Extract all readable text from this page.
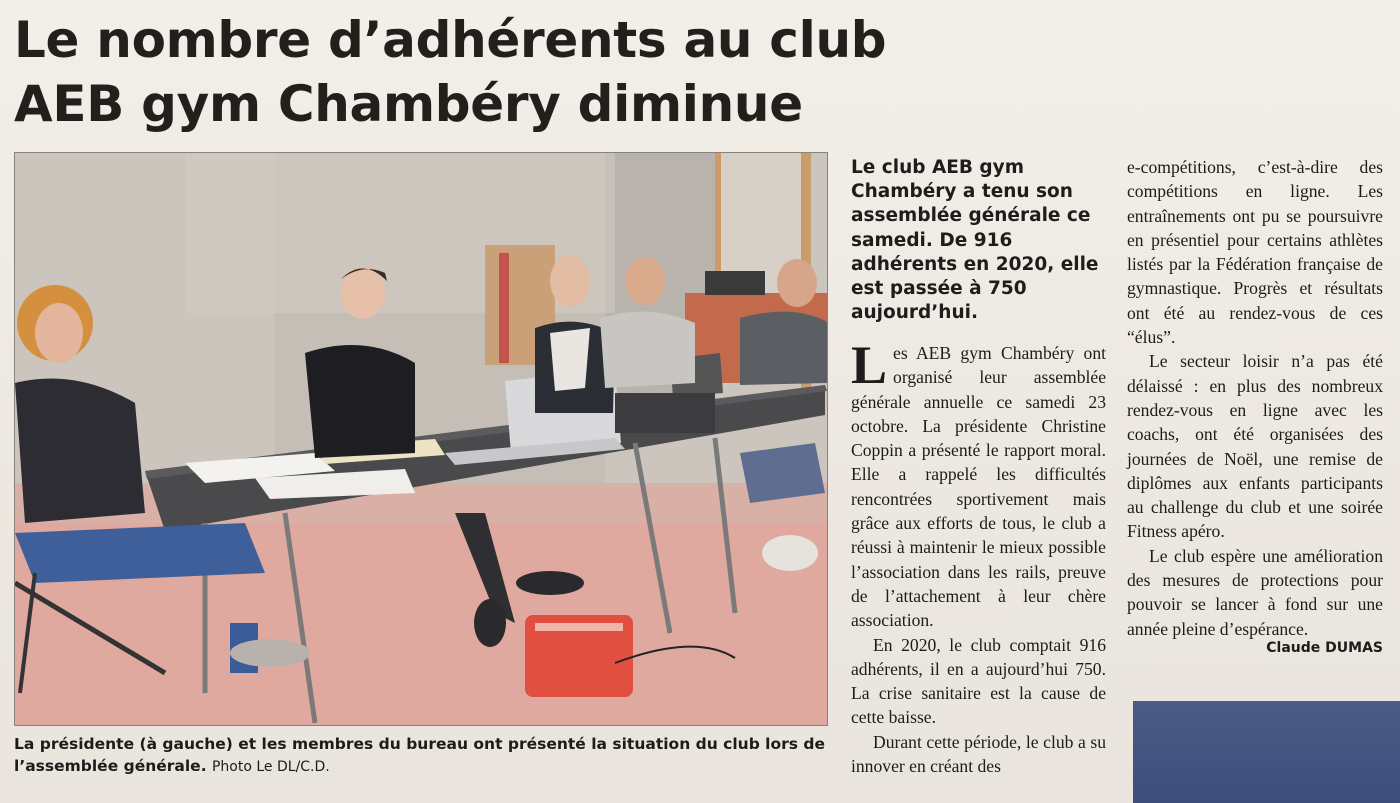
Le nombre d’adhérents au club
AEB gym Chambéry diminue
La présidente (à gauche) et les membres du bureau ont présenté la situation du club lors de l’assemblée générale. Photo Le DL/C.D.
Le club AEB gym Chambéry a tenu son assemblée générale ce samedi. De 916 adhérents en 2020, elle est passée à 750 aujourd’hui.

Les AEB gym Chambéry ont organisé leur assemblée générale annuelle ce samedi 23 octobre. La présidente Christine Coppin a présenté le rapport moral. Elle a rappelé les difficultés rencontrées sportivement mais grâce aux efforts de tous, le club a réussi à maintenir le mieux possible l’association dans les rails, preuve de l’attachement à leur chère association.

En 2020, le club comptait 916 adhérents, il en a aujourd’hui 750. La crise sanitaire est la cause de cette baisse.

Durant cette période, le club a su innover en créant des

e-compétitions, c’est-à-dire des compétitions en ligne. Les entraînements ont pu se poursuivre en présentiel pour certains athlètes listés par la Fédération française de gymnastique. Progrès et résultats ont été au rendez-vous de ces “élus”.

Le secteur loisir n’a pas été délaissé : en plus des nombreux rendez-vous en ligne avec les coachs, ont été organisées des journées de Noël, une remise de diplômes aux enfants participants au challenge du club et une soirée Fitness apéro.

Le club espère une amélioration des mesures de protections pour pouvoir se lancer à fond sur une année pleine d’espérance.

Claude DUMAS
